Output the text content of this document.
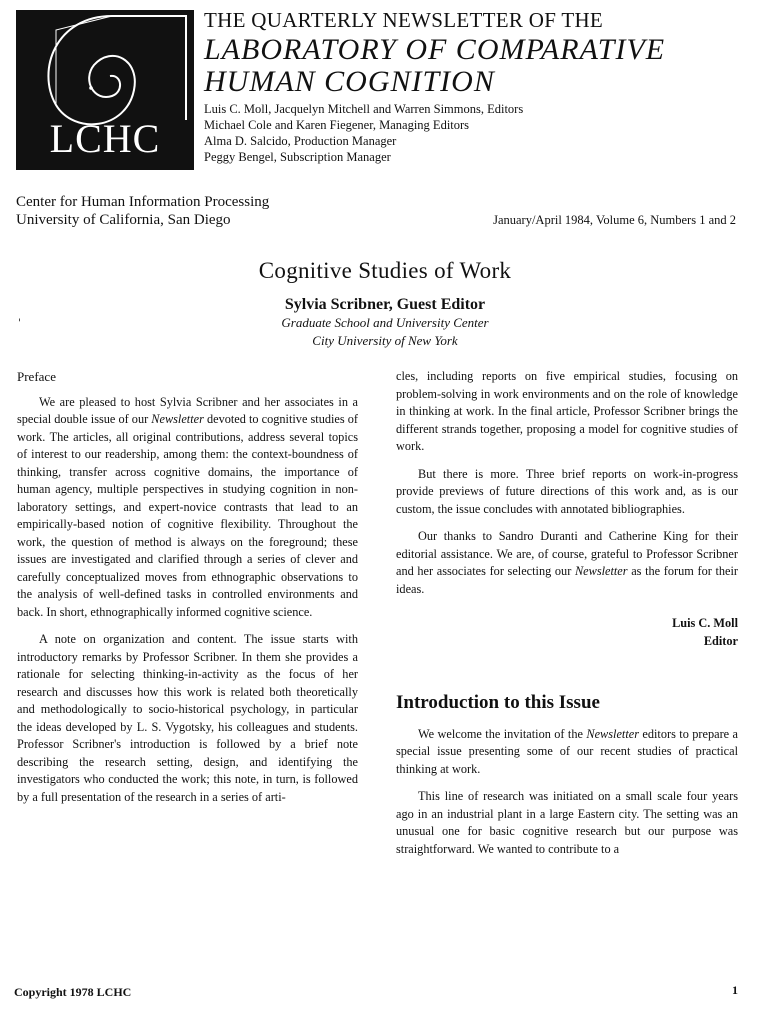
LCHC
THE QUARTERLY NEWSLETTER OF THE
LABORATORY OF COMPARATIVE
HUMAN COGNITION
Luis C. Moll, Jacquelyn Mitchell and Warren Simmons, Editors
Michael Cole and Karen Fiegener, Managing Editors
Alma D. Salcido, Production Manager
Peggy Bengel, Subscription Manager
Center for Human Information Processing
University of California, San Diego	January/April 1984, Volume 6, Numbers 1 and 2
Cognitive Studies of Work
Sylvia Scribner, Guest Editor
Graduate School and University Center
City University of New York
'
Preface

We are pleased to host Sylvia Scribner and her associates in a special double issue of our Newsletter devoted to cognitive studies of work. The articles, all original contributions, address several topics of interest to our readership, among them: the context-boundness of thinking, transfer across cognitive domains, the importance of human agency, multiple perspectives in studying cognition in non-laboratory settings, and expert-novice contrasts that lead to an empirically-based notion of cognitive flexibility. Throughout the work, the question of method is always on the foreground; these issues are investigated and clarified through a series of clever and carefully conceptualized moves from ethnographic observations to the analysis of well-defined tasks in controlled environments and back. In short, ethnographically informed cognitive science.

A note on organization and content. The issue starts with introductory remarks by Professor Scribner. In them she provides a rationale for selecting thinking-in-activity as the focus of her research and discusses how this work is related both theoretically and methodologically to socio-historical psychology, in particular the ideas developed by L. S. Vygotsky, his colleagues and students. Professor Scribner's introduction is followed by a brief note describing the research setting, design, and identifying the investigators who conducted the work; this note, in turn, is followed by a full presentation of the research in a series of arti-

cles, including reports on five empirical studies, focusing on problem-solving in work environments and on the role of knowledge in thinking at work. In the final article, Professor Scribner brings the different strands together, proposing a model for cognitive studies of work.

But there is more. Three brief reports on work-in-progress provide previews of future directions of this work and, as is our custom, the issue concludes with annotated bibliographies.

Our thanks to Sandro Duranti and Catherine King for their editorial assistance. We are, of course, grateful to Professor Scribner and her associates for selecting our Newsletter as the forum for their ideas.

Luis C. Moll
Editor
Introduction to this Issue

We welcome the invitation of the Newsletter editors to prepare a special issue presenting some of our recent studies of practical thinking at work.

This line of research was initiated on a small scale four years ago in an industrial plant in a large Eastern city. The setting was an unusual one for basic cognitive research but our purpose was straightforward. We wanted to contribute to a

Copyright 1978 LCHC	1
